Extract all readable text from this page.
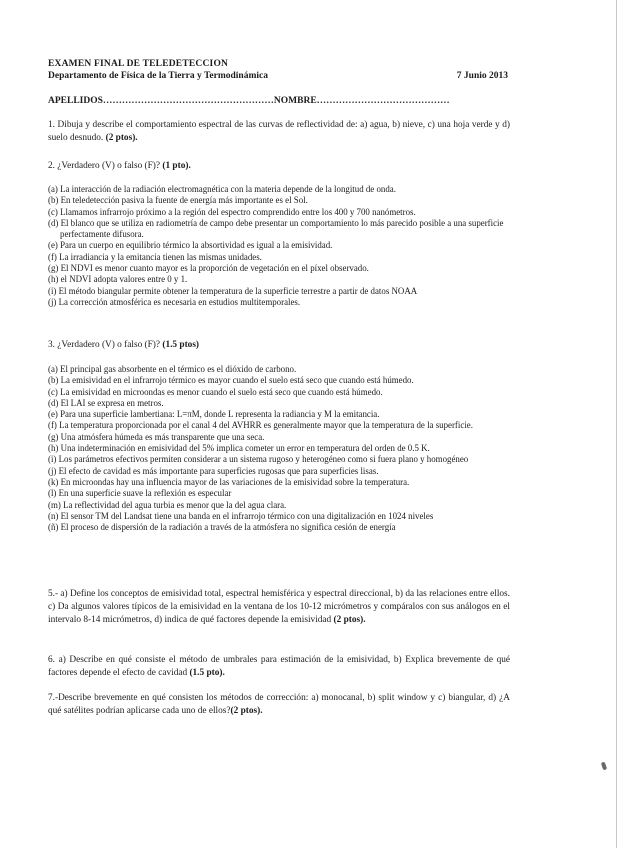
EXAMEN FINAL DE TELEDETECCION
Departamento de Física de la Tierra y Termodinámica	7 Junio 2013
APELLIDOS………………………………………………NOMBRE……………………………………
1. Dibuja y describe el comportamiento espectral de las curvas de reflectividad de: a) agua, b) nieve, c) una hoja verde y d) suelo desnudo. (2 ptos).
2. ¿Verdadero (V) o falso (F)? (1 pto).
(a) La interacción de la radiación electromagnética con la materia depende de la longitud de onda.
(b) En teledetección pasiva la fuente de energía más importante es el Sol.
(c) Llamamos infrarrojo próximo a la región del espectro comprendido entre los 400 y 700 nanómetros.
(d) El blanco que se utiliza en radiometría de campo debe presentar un comportamiento lo más parecido posible a una superficie perfectamente difusora.
(e) Para un cuerpo en equilibrio térmico la absortividad es igual a la emisividad.
(f) La irradiancia y la emitancia tienen las mismas unidades.
(g) El NDVI es menor cuanto mayor es la proporción de vegetación en el píxel observado.
(h) el NDVI adopta valores entre 0 y 1.
(i) El método biangular permite obtener la temperatura de la superficie terrestre a partir de datos NOAA
(j) La corrección atmosférica es necesaria en estudios multitemporales.
3. ¿Verdadero (V) o falso (F)? (1.5 ptos)
(a) El principal gas absorbente en el térmico es el dióxido de carbono.
(b) La emisividad en el infrarrojo térmico es mayor cuando el suelo está seco que cuando está húmedo.
(c) La emisividad en microondas es menor cuando el suelo está seco que cuando está húmedo.
(d) El LAI se expresa en metros.
(e) Para una superficie lambertiana: L=πM, donde L representa la radiancia y M la emitancia.
(f) La temperatura proporcionada por el canal 4 del AVHRR es generalmente mayor que la temperatura de la superficie.
(g) Una atmósfera húmeda es más transparente que una seca.
(h) Una indeterminación en emisividad del 5% implica cometer un error en temperatura del orden de 0.5 K.
(i) Los parámetros efectivos permiten considerar a un sistema rugoso y heterogéneo como si fuera plano y homogéneo
(j) El efecto de cavidad es más importante para superficies rugosas que para superficies lisas.
(k) En microondas hay una influencia mayor de las variaciones de la emisividad sobre la temperatura.
(l) En una superficie suave la reflexión es especular
(m) La reflectividad del agua turbia es menor que la del agua clara.
(n) El sensor TM del Landsat tiene una banda en el infrarrojo térmico con una digitalización en 1024 niveles
(ñ) El proceso de dispersión de la radiación a través de la atmósfera no significa cesión de energía
5.- a) Define los conceptos de emisividad total, espectral hemisférica y espectral direccional, b) da las relaciones entre ellos. c) Da algunos valores típicos de la emisividad en la ventana de los 10-12 micrómetros y compáralos con sus análogos en el intervalo 8-14 micrómetros, d) indica de qué factores depende la emisividad (2 ptos).
6. a) Describe en qué consiste el método de umbrales para estimación de la emisividad, b) Explica brevemente de qué factores depende el efecto de cavidad (1.5 pto).
7.-Describe brevemente en qué consisten los métodos de corrección: a) monocanal, b) split window y c) biangular, d) ¿A qué satélites podrían aplicarse cada uno de ellos?(2 ptos).
